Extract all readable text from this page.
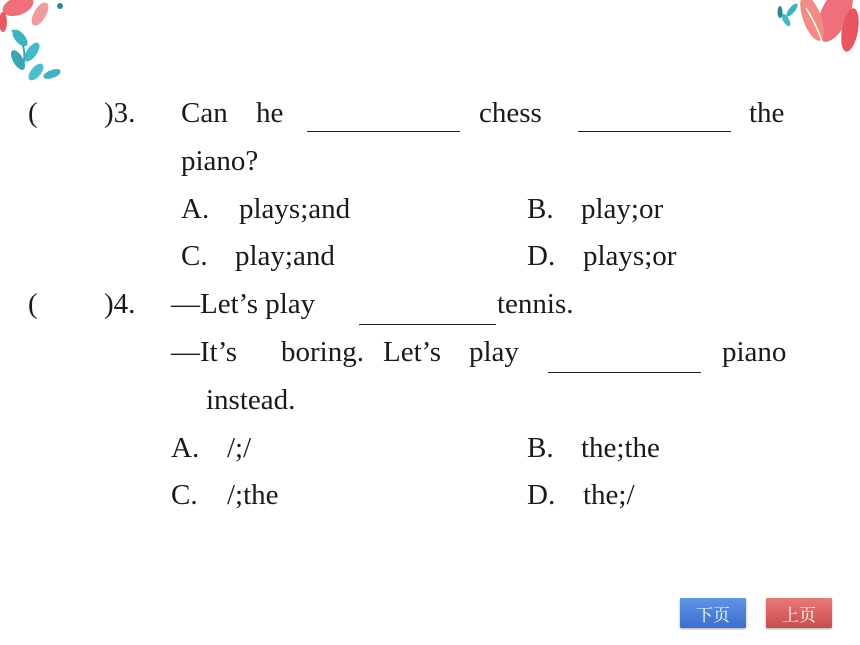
( )3. Can he	chess	the
piano?
A. plays;and	B. play;or
C. play;and	D. plays;or
( )4. —Let’s play	tennis.
—It’s boring. Let’s play	piano
instead.
A. /;/	B. the;the
C. /;the	D. the;/
下页	上页
